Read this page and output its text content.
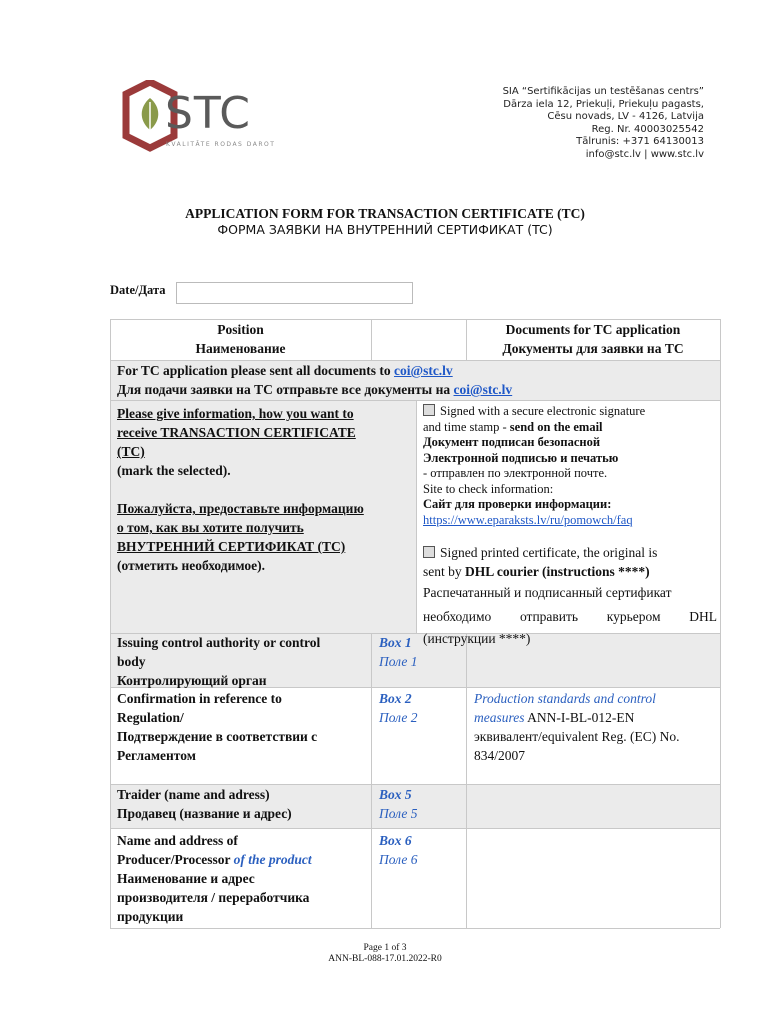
STC
KVALITĀTE RODAS DAROT
SIA “Sertifikācijas un testēšanas centrs”
Dārza iela 12, Priekuļi, Priekuļu pagasts,
Cēsu novads, LV - 4126, Latvija
Reg. Nr. 40003025542
Tālrunis: +371 64130013
info@stc.lv | www.stc.lv
APPLICATION FORM FOR TRANSACTION CERTIFICATE (TC)
ФОРМА ЗАЯВКИ НА ВНУТРЕННИЙ СЕРТИФИКАТ (TC)
Date/Дата
Position
Наименование
Documents for TC application
Документы для заявки на TC
For TC application please sent all documents to coi@stc.lv
Для подачи заявки на TC отправьте все документы на coi@stc.lv
Please give information, how you want to
receive TRANSACTION CERTIFICATE
(TC)
(mark the selected).
Пожалуйста, предоставьте информацию
о том, как вы хотите получить
ВНУТРЕННИЙ СЕРТИФИКАТ (TC)
(отметить необходимое).
Signed with a secure electronic signature
and time stamp - send on the email
Документ подписан безопасной
Электронной подписью и печатью
- отправлен по электронной почте.
Site to check information:
Сайт для проверки информации:
https://www.eparaksts.lv/ru/pomowch/faq
Signed printed certificate, the original is
sent by DHL courier (instructions ****)
Распечатанный и подписанный сертификат
необходимо отправить курьером DHL
(инструкции ****)
Issuing control authority or control
body
Контролирующий орган
Box 1
Поле 1
Confirmation in reference to
Regulation/
Подтверждение в соответствии с
Регламентом
Box 2
Поле 2
Production standards and control
measures ANN-I-BL-012-EN
эквивалент/equivalent Reg. (EC) No.
834/2007
Traider (name and adress)
Продавец (название и адрес)
Box 5
Поле 5
Name and address of
Producer/Processor of the product
Наименование и адрес
производителя / переработчика
продукции
Box 6
Поле 6
Page 1 of 3
ANN-BL-088-17.01.2022-R0
